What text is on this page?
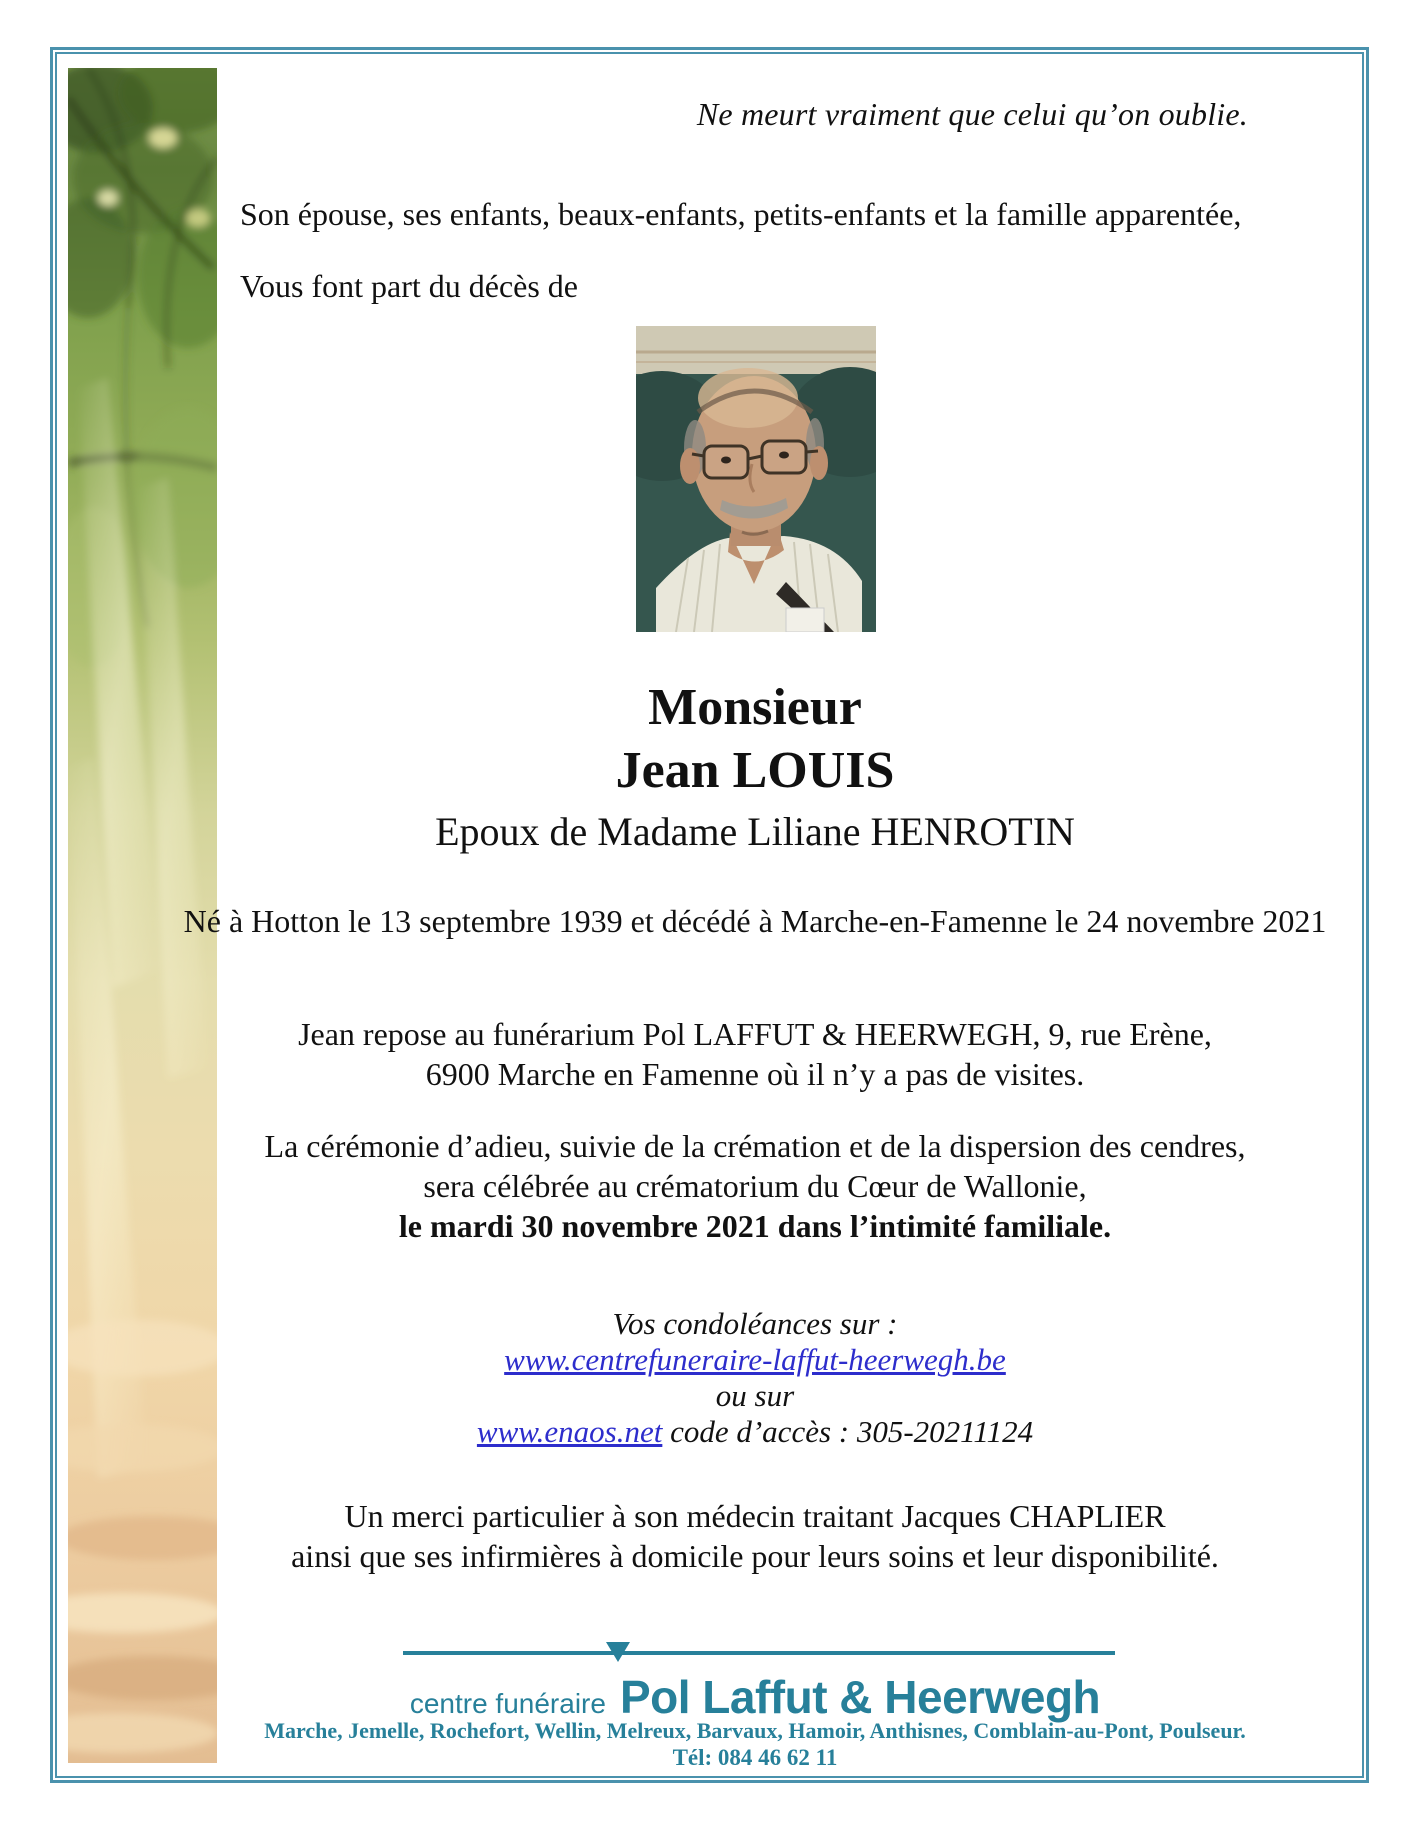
Ne meurt vraiment que celui qu’on oublie.
Son épouse, ses enfants, beaux-enfants, petits-enfants et la famille apparentée,
Vous font part du décès de
Monsieur
Jean LOUIS
Epoux de Madame Liliane HENROTIN
Né à Hotton le 13 septembre 1939 et décédé à Marche-en-Famenne le 24 novembre 2021
Jean repose au funérarium Pol LAFFUT & HEERWEGH, 9, rue Erène,
6900 Marche en Famenne où il n’y a pas de visites.
La cérémonie d’adieu, suivie de la crémation et de la dispersion des cendres,
sera célébrée au crématorium du Cœur de Wallonie,
le mardi 30 novembre 2021 dans l’intimité familiale.
Vos condoléances sur :
www.centrefuneraire-laffut-heerwegh.be
ou sur
www.enaos.net code d’accès : 305-20211124
Un merci particulier à son médecin traitant Jacques CHAPLIER
ainsi que ses infirmières à domicile pour leurs soins et leur disponibilité.
centre funéraire Pol Laffut & Heerwegh
Marche, Jemelle, Rochefort, Wellin, Melreux, Barvaux, Hamoir, Anthisnes, Comblain-au-Pont, Poulseur.
Tél: 084 46 62 11
